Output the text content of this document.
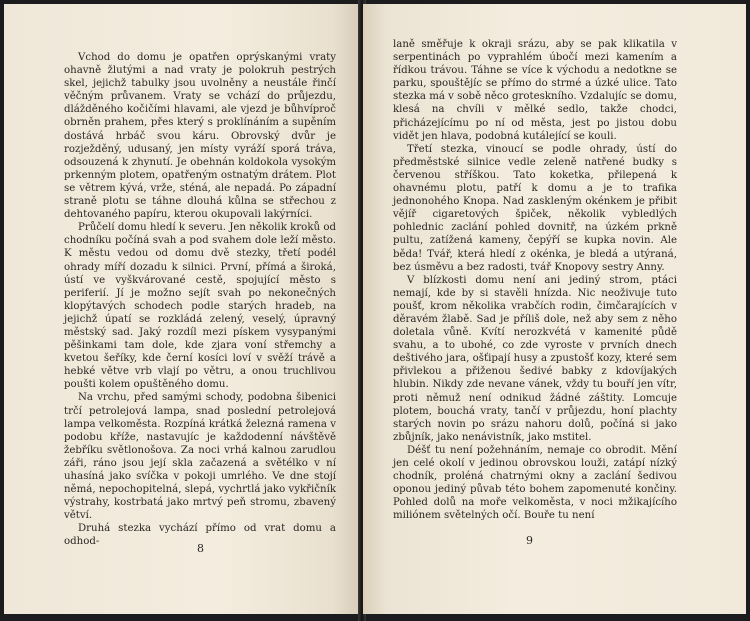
Vchod do domu je opatřen oprýskanými vraty ohavně žlutými a nad vraty je polokruh pestrých skel, jejichž tabulky jsou uvolněny a neustále řinčí věčným průvanem. Vraty se vchází do průjezdu, dlážděného kočičími hlavami, ale vjezd je bůhvíproč obrněn prahem, přes který s proklínáním a supěním dostává hrbáč svou káru. Obrovský dvůr je rozježděný, udusaný, jen místy vyráží sporá tráva, odsouzená k zhynutí. Je obehnán koldokola vysokým prkenným plotem, opatřeným ostnatým drátem. Plot se větrem kývá, vrže, sténá, ale nepadá. Po západní straně plotu se táhne dlouhá kůlna se střechou z dehtovaného papíru, kterou okupovali lakýrníci.

Průčelí domu hledí k severu. Jen několik kroků od chodníku počíná svah a pod svahem dole leží město. K městu vedou od domu dvě stezky, třetí podél ohrady míří dozadu k silnici. První, přímá a široká, ústí ve vyškvárované cestě, spojující město s periferií. Jí je možno sejít svah po nekonečných klopýtavých schodech podle starých hradeb, na jejichž úpatí se rozkládá zelený, veselý, úpravný městský sad. Jaký rozdíl mezi pískem vysypanými pěšinkami tam dole, kde zjara voní střemchy a kvetou šeříky, kde černí kosíci loví v svěží trávě a hebké větve vrb vlají po větru, a onou truchlivou poušti kolem opuštěného domu.

Na vrchu, před samými schody, podobna šibenici trčí petrolejová lampa, snad poslední petrolejová lampa velkoměsta. Rozpíná krátká železná ramena v podobu kříže, nastavujíc je každodenní návštěvě žebříku světlonošova. Za noci vrhá kalnou zarudlou záři, ráno jsou její skla začazená a světélko v ní uhasíná jako svíčka v pokoji umrlého. Ve dne stojí němá, nepochopitelná, slepá, vychrtlá jako vykřičník výstrahy, kostrbatá jako mrtvý peň stromu, zbavený větví.

Druhá stezka vychází přímo od vrat domu a odhod-

8

laně směřuje k okraji srázu, aby se pak klikatila v serpentinách po vyprahlém úbočí mezi kamením a řídkou trávou. Táhne se více k východu a nedotkne se parku, spouštějíc se přímo do strmé a úzké ulice. Tato stezka má v sobě něco groteskního. Vzdalujíc se domu, klesá na chvíli v mělké sedlo, takže chodci, přicházejícímu po ní od města, jest po jistou dobu vidět jen hlava, podobná kutálející se kouli.

Třetí stezka, vinoucí se podle ohrady, ústí do předměstské silnice vedle zeleně natřené budky s červenou stříškou. Tato koketka, přilepená k ohavnému plotu, patří k domu a je to trafika jednonohého Knopa. Nad zaskleným okénkem je přibit vějíř cigaretových špiček, několik vybledlých pohlednic zaclání pohled dovnitř, na úzkém prkně pultu, zatížená kameny, čepýří se kupka novin. Ale běda! Tvář, která hledí z okénka, je bledá a utýraná, bez úsměvu a bez radosti, tvář Knopovy sestry Anny.

V blízkosti domu není ani jediný strom, ptáci nemají, kde by si stavěli hnízda. Nic neoživuje tuto poušť, krom několika vrabčích rodin, čimčarajících v děravém žlabě. Sad je příliš dole, než aby sem z něho doletala vůně. Kvítí nerozkvétá v kamenité půdě svahu, a to ubohé, co zde vyroste v prvních dnech deštivého jara, ošťipají husy a zpustošť kozy, které sem přivlekou a přiženou šedivé babky z kdovíjakých hlubin. Nikdy zde nevane vánek, vždy tu bouří jen vítr, proti němuž není odnikud žádné záštity. Lomcuje plotem, bouchá vraty, tančí v průjezdu, honí plachty starých novin po srázu nahoru dolů, počíná si jako zbůjník, jako nenávistník, jako mstitel.

Déšť tu není požehnáním, nemaje co obrodit. Mění jen celé okolí v jedinou obrovskou louži, zatápí nízký chodník, proléná chatrnými okny a zaclání šedivou oponou jediný půvab této bohem zapomenuté končiny. Pohled dolů na moře velkoměsta, v noci mžikajícího miliónem světelných očí. Bouře tu není

9
